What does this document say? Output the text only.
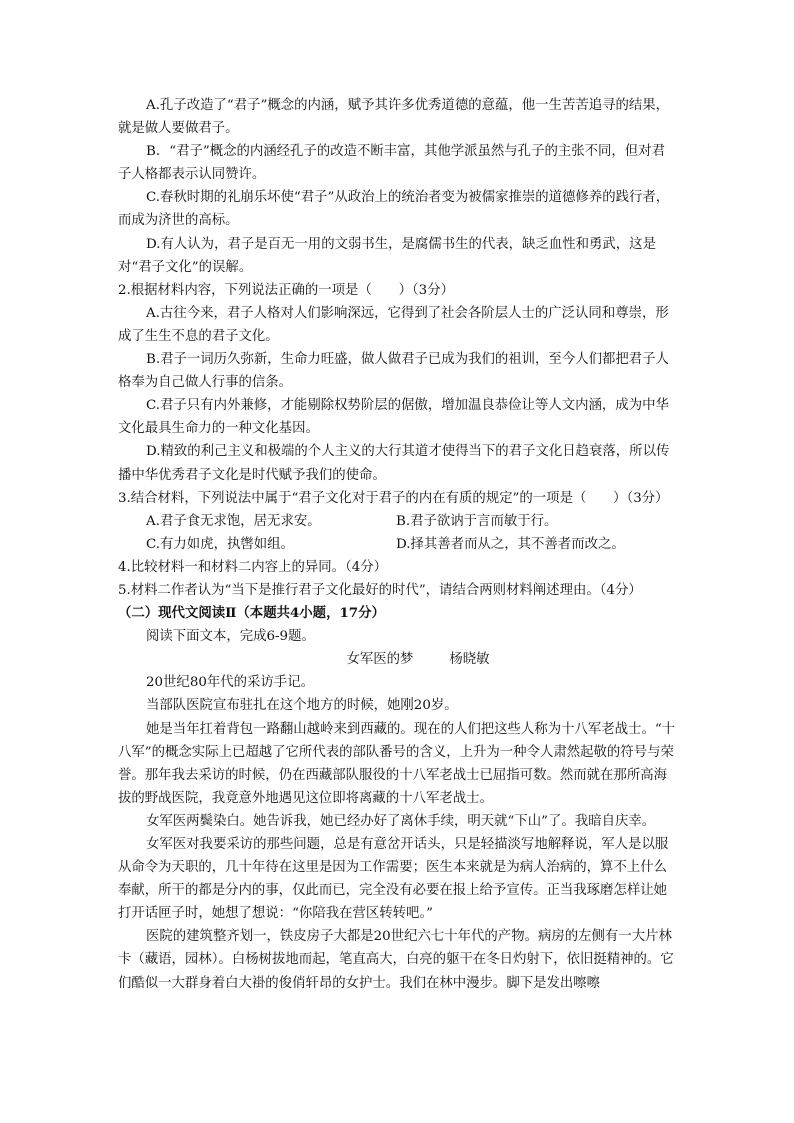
A.孔子改造了“君子”概念的内涵，赋予其许多优秀道德的意蕴，他一生苦苦追寻的结果，就是做人要做君子。

B．“君子”概念的内涵经孔子的改造不断丰富，其他学派虽然与孔子的主张不同，但对君子人格都表示认同赞许。

C.春秋时期的礼崩乐坏使“君子”从政治上的统治者变为被儒家推崇的道德修养的践行者，而成为济世的高标。

D.有人认为，君子是百无一用的文弱书生，是腐儒书生的代表，缺乏血性和勇武，这是对“君子文化”的误解。

2.根据材料内容，下列说法正确的一项是（　　）（3分）

A.古往今来，君子人格对人们影响深远，它得到了社会各阶层人士的广泛认同和尊崇，形成了生生不息的君子文化。

B.君子一词历久弥新，生命力旺盛，做人做君子已成为我们的祖训，至今人们都把君子人格奉为自己做人行事的信条。

C.君子只有内外兼修，才能剔除权势阶层的倨傲，增加温良恭俭让等人文内涵，成为中华文化最具生命力的一种文化基因。

D.精致的利己主义和极端的个人主义的大行其道才使得当下的君子文化日趋衰落，所以传播中华优秀君子文化是时代赋予我们的使命。

3.结合材料，下列说法中属于“君子文化对于君子的内在有质的规定”的一项是（　　）（3分）

A.君子食无求饱，居无求安。	B.君子欲讷于言而敏于行。
C.有力如虎，执辔如组。	D.择其善者而从之，其不善者而改之。

4.比较材料一和材料二内容上的异同。（4分）

5.材料二作者认为“当下是推行君子文化最好的时代”，请结合两则材料阐述理由。（4分）

（二）现代文阅读Ⅱ（本题共4小题，17分）

阅读下面文本，完成6-9题。

女军医的梦	杨晓敏

20世纪80年代的采访手记。

当部队医院宣布驻扎在这个地方的时候，她刚20岁。

她是当年扛着背包一路翻山越岭来到西藏的。现在的人们把这些人称为十八军老战士。“十八军”的概念实际上已超越了它所代表的部队番号的含义，上升为一种令人肃然起敬的符号与荣誉。那年我去采访的时候，仍在西藏部队服役的十八军老战士已屈指可数。然而就在那所高海拔的野战医院，我竟意外地遇见这位即将离藏的十八军老战士。

女军医两鬓染白。她告诉我，她已经办好了离休手续，明天就“下山”了。我暗自庆幸。

女军医对我要采访的那些问题，总是有意岔开话头，只是轻描淡写地解释说，军人是以服从命令为天职的，几十年待在这里是因为工作需要；医生本来就是为病人治病的，算不上什么奉献，所干的都是分内的事，仅此而已，完全没有必要在报上给予宣传。正当我琢磨怎样让她打开话匣子时，她想了想说：“你陪我在营区转转吧。”

医院的建筑整齐划一，铁皮房子大都是20世纪六七十年代的产物。病房的左侧有一大片林卡（藏语，园林）。白杨树拔地而起，笔直高大，白亮的躯干在冬日灼射下，依旧挺精神的。它们酷似一大群身着白大褂的俊俏轩昂的女护士。我们在林中漫步。脚下是发出嚓嚓
